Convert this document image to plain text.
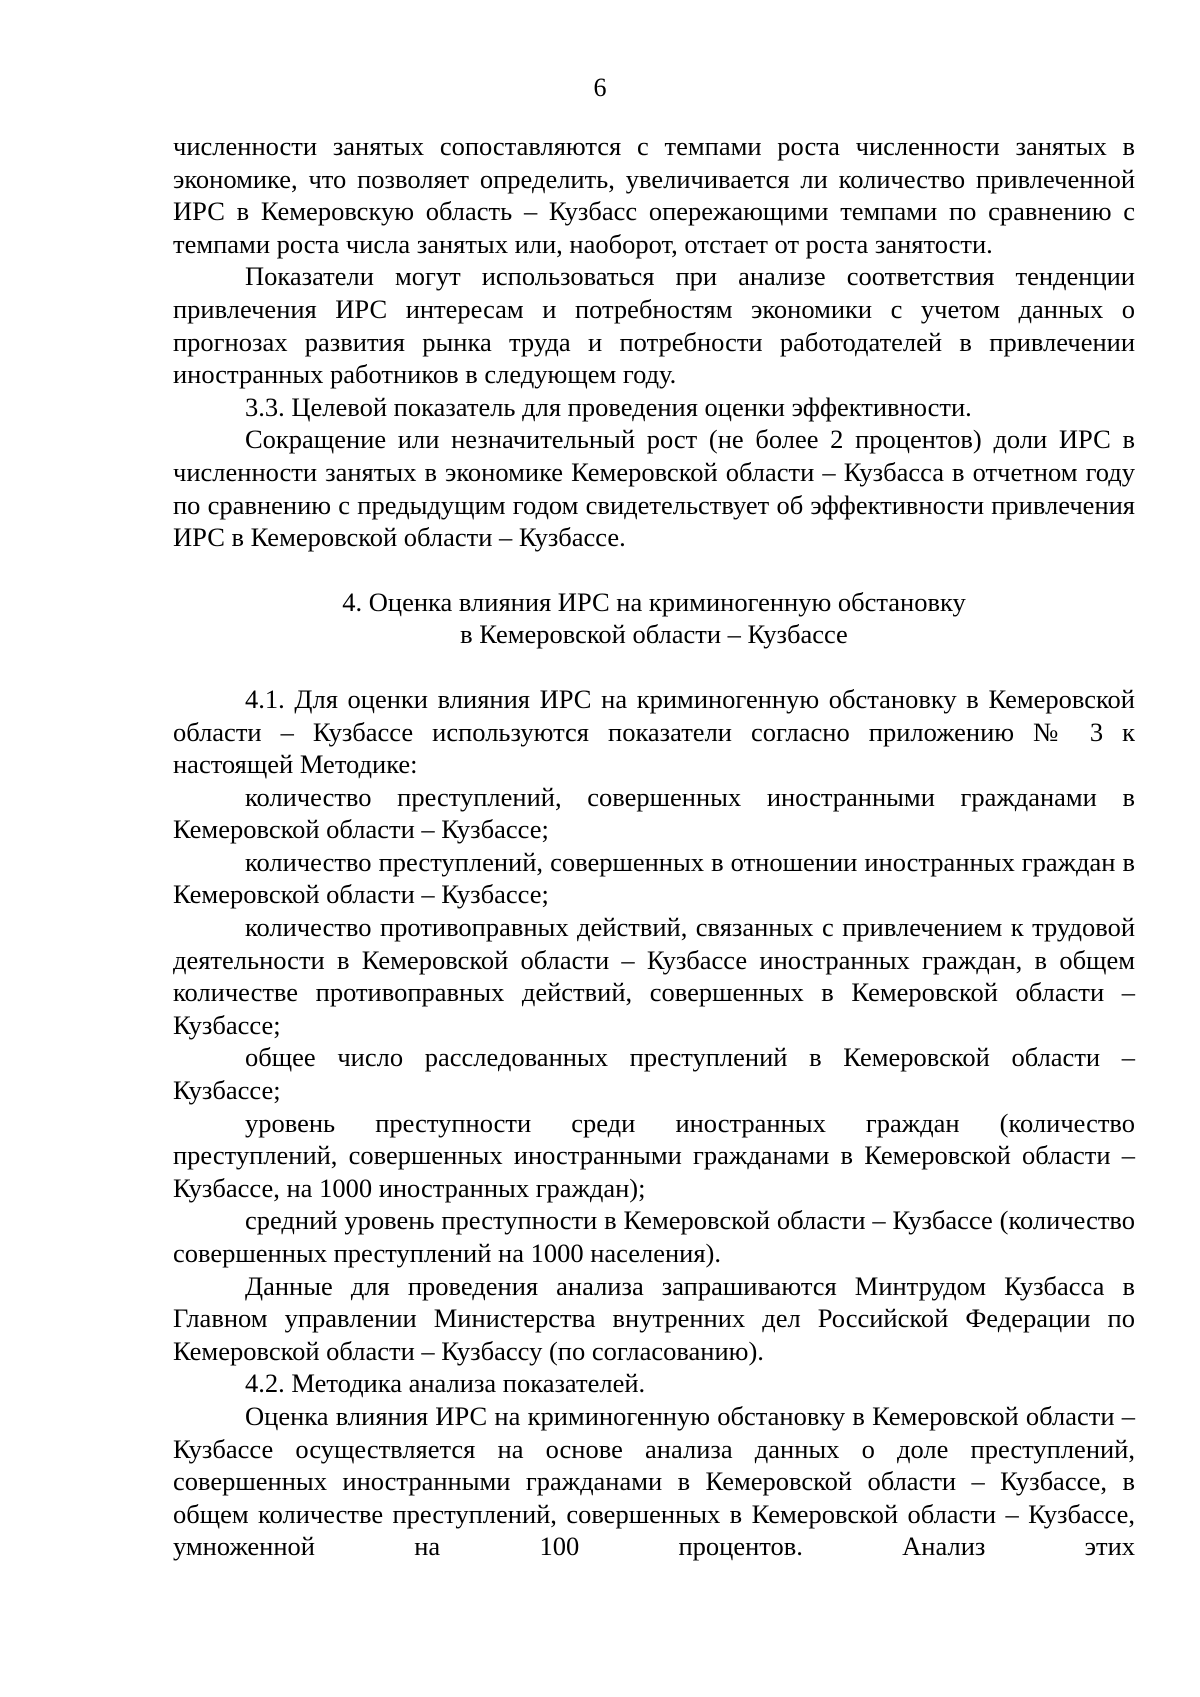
6

численности занятых сопоставляются с темпами роста численности занятых в экономике, что позволяет определить, увеличивается ли количество привлеченной ИРС в Кемеровскую область – Кузбасс опережающими темпами по сравнению с темпами роста числа занятых или, наоборот, отстает от роста занятости.

Показатели могут использоваться при анализе соответствия тенденции привлечения ИРС интересам и потребностям экономики с учетом данных о прогнозах развития рынка труда и потребности работодателей в привлечении иностранных работников в следующем году.

3.3. Целевой показатель для проведения оценки эффективности.

Сокращение или незначительный рост (не более 2 процентов) доли ИРС в численности занятых в экономике Кемеровской области – Кузбасса в отчетном году по сравнению с предыдущим годом свидетельствует об эффективности привлечения ИРС в Кемеровской области – Кузбассе.

4. Оценка влияния ИРС на криминогенную обстановку
в Кемеровской области – Кузбассе

4.1. Для оценки влияния ИРС на криминогенную обстановку в Кемеровской области – Кузбассе используются показатели согласно приложению № 3 к настоящей Методике:

количество преступлений, совершенных иностранными гражданами в Кемеровской области – Кузбассе;

количество преступлений, совершенных в отношении иностранных граждан в Кемеровской области – Кузбассе;

количество противоправных действий, связанных с привлечением к трудовой деятельности в Кемеровской области – Кузбассе иностранных граждан, в общем количестве противоправных действий, совершенных в Кемеровской области – Кузбассе;

общее число расследованных преступлений в Кемеровской области – Кузбассе;

уровень преступности среди иностранных граждан (количество преступлений, совершенных иностранными гражданами в Кемеровской области – Кузбассе, на 1000 иностранных граждан);

средний уровень преступности в Кемеровской области – Кузбассе (количество совершенных преступлений на 1000 населения).

Данные для проведения анализа запрашиваются Минтрудом Кузбасса в Главном управлении Министерства внутренних дел Российской Федерации по Кемеровской области – Кузбассу (по согласованию).

4.2. Методика анализа показателей.

Оценка влияния ИРС на криминогенную обстановку в Кемеровской области – Кузбассе осуществляется на основе анализа данных о доле преступлений, совершенных иностранными гражданами в Кемеровской области – Кузбассе, в общем количестве преступлений, совершенных в Кемеровской области – Кузбассе, умноженной на 100 процентов. Анализ этих
